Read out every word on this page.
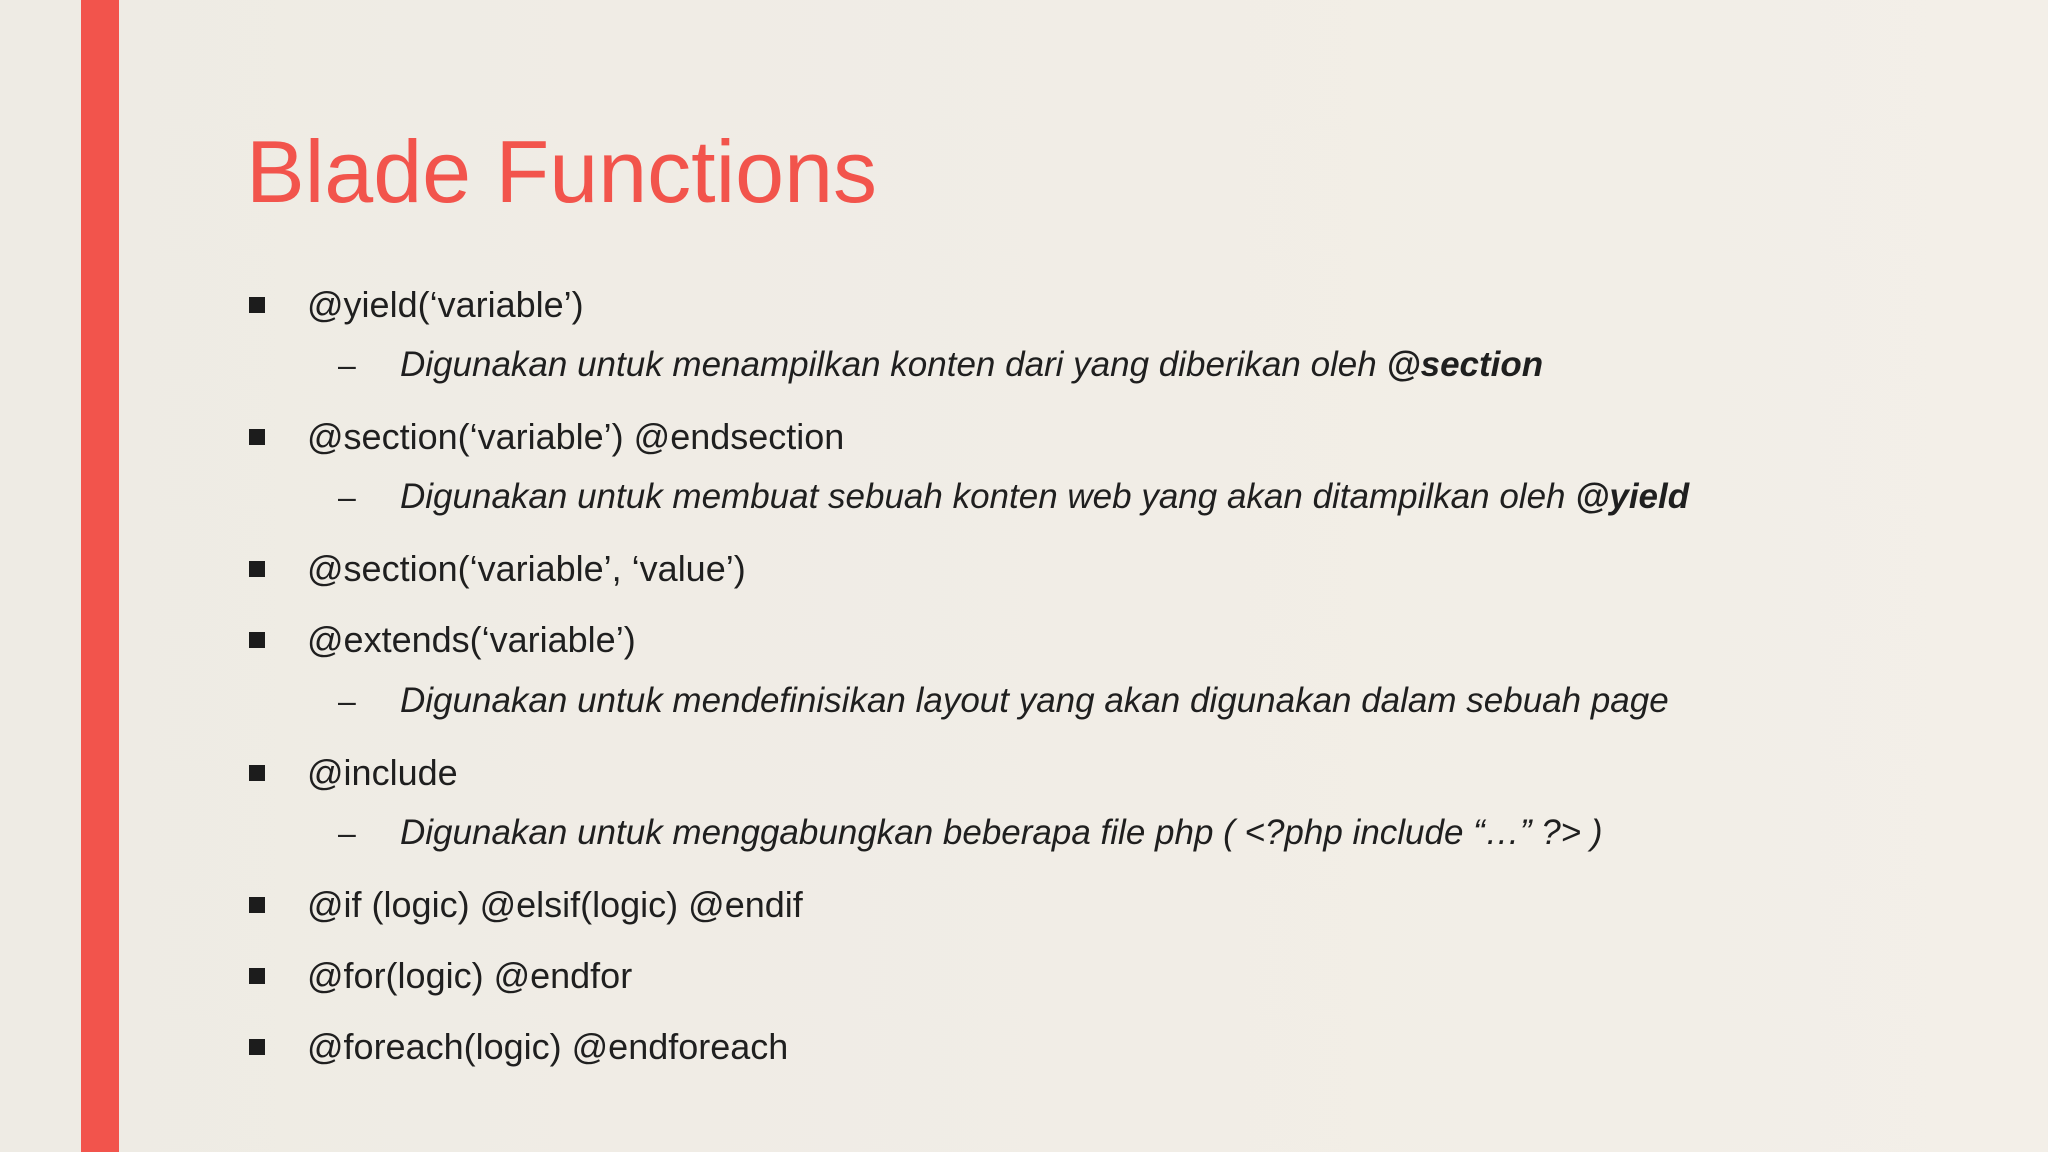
Blade Functions
@yield(‘variable’)
–	Digunakan untuk menampilkan konten dari yang diberikan oleh @section
@section(‘variable’) @endsection
–	Digunakan untuk membuat sebuah konten web yang akan ditampilkan oleh @yield
@section(‘variable’, ‘value’)
@extends(‘variable’)
–	Digunakan untuk mendefinisikan layout yang akan digunakan dalam sebuah page
@include
–	Digunakan untuk menggabungkan beberapa file php ( <?php include “…” ?> )
@if (logic) @elsif(logic) @endif
@for(logic) @endfor
@foreach(logic) @endforeach
